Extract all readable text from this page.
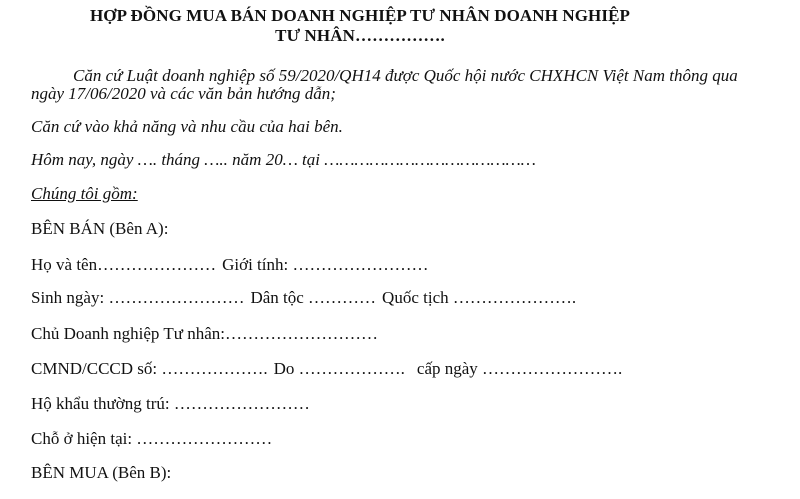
HỢP ĐỒNG MUA BÁN DOANH NGHIỆP TƯ NHÂN DOANH NGHIỆP
TƯ NHÂN…………….
Căn cứ Luật doanh nghiệp số 59/2020/QH14 được Quốc hội nước CHXHCN Việt Nam thông qua
ngày 17/06/2020 và các văn bản hướng dẫn;
Căn cứ vào khả năng và nhu cầu của hai bên.
Hôm nay, ngày …. tháng ….. năm 20… tại ……………………………………
Chúng tôi gồm:
BÊN BÁN (Bên A):
Họ và tên………………… Giới tính: ……………………
Sinh ngày: …………………… Dân tộc ………… Quốc tịch ………………….
Chủ Doanh nghiệp Tư nhân:………………………
CMND/CCCD số: ………………. Do ………………. cấp ngày …………………….
Hộ khẩu thường trú: ……………………
Chỗ ở hiện tại: ……………………
BÊN MUA (Bên B):
